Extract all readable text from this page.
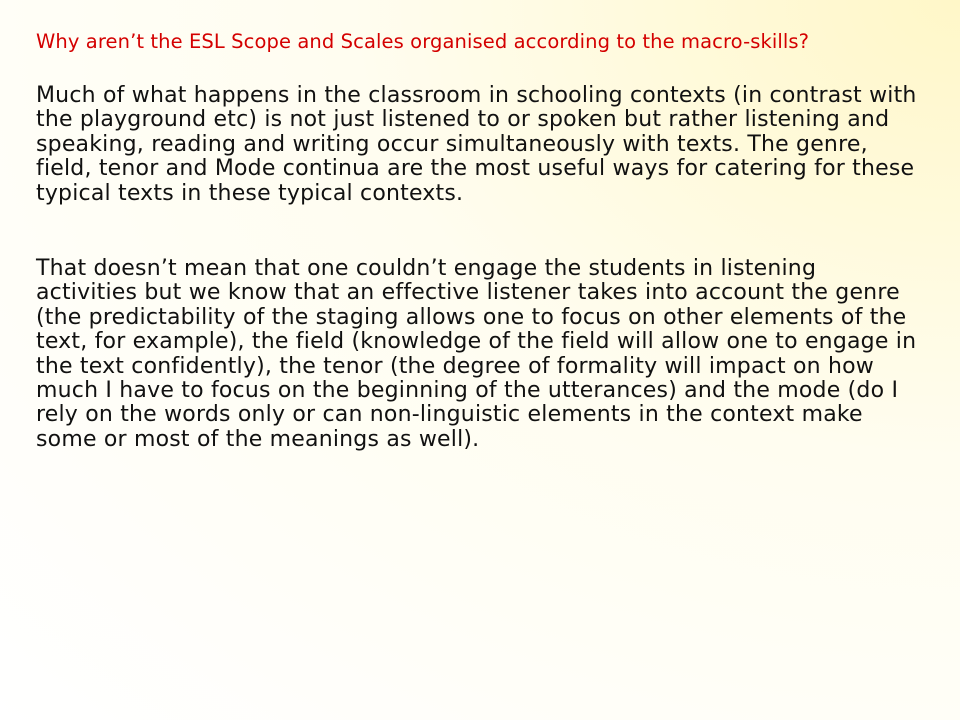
Why aren’t the ESL Scope and Scales organised according to the macro-skills?

Much of what happens in the classroom in schooling contexts (in contrast with the playground etc) is not just listened to or spoken but rather listening and speaking, reading and writing occur simultaneously with texts. The genre, field, tenor and Mode continua are the most useful ways for catering for these typical texts in these typical contexts.

That doesn’t mean that one couldn’t engage the students in listening activities but we know that an effective listener takes into account the genre (the predictability of the staging allows one to focus on other elements of the text, for example), the field (knowledge of the field will allow one to engage in the text confidently), the tenor (the degree of formality will impact on how much I have to focus on the beginning of the utterances) and the mode (do I rely on the words only or can non-linguistic elements in the context make some or most of the meanings as well).
